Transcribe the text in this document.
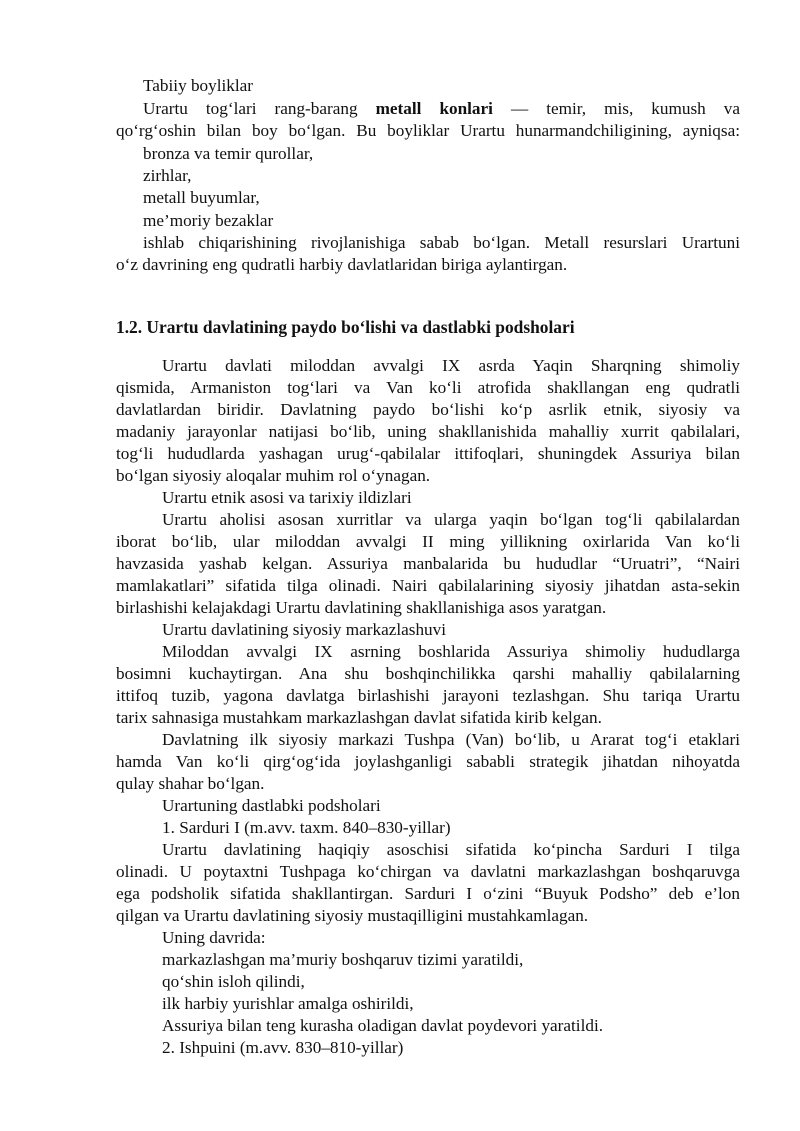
Tabiiy boyliklar
Urartu tog‘lari rang-barang metall konlari — temir, mis, kumush va
qo‘rg‘oshin bilan boy bo‘lgan. Bu boyliklar Urartu hunarmandchiligining, ayniqsa:
bronza va temir qurollar,
zirhlar,
metall buyumlar,
me’moriy bezaklar
ishlab chiqarishining rivojlanishiga sabab bo‘lgan. Metall resurslari Urartuni
o‘z davrining eng qudratli harbiy davlatlaridan biriga aylantirgan.
1.2. Urartu davlatining paydo bo‘lishi va dastlabki podsholari
Urartu davlati miloddan avvalgi IX asrda Yaqin Sharqning shimoliy
qismida, Armaniston tog‘lari va Van ko‘li atrofida shakllangan eng qudratli
davlatlardan biridir. Davlatning paydo bo‘lishi ko‘p asrlik etnik, siyosiy va
madaniy jarayonlar natijasi bo‘lib, uning shakllanishida mahalliy xurrit qabilalari,
tog‘li hududlarda yashagan urug‘-qabilalar ittifoqlari, shuningdek Assuriya bilan
bo‘lgan siyosiy aloqalar muhim rol o‘ynagan.
Urartu etnik asosi va tarixiy ildizlari
Urartu aholisi asosan xurritlar va ularga yaqin bo‘lgan tog‘li qabilalardan
iborat bo‘lib, ular miloddan avvalgi II ming yillikning oxirlarida Van ko‘li
havzasida yashab kelgan. Assuriya manbalarida bu hududlar “Uruatri”, “Nairi
mamlakatlari” sifatida tilga olinadi. Nairi qabilalarining siyosiy jihatdan asta-sekin
birlashishi kelajakdagi Urartu davlatining shakllanishiga asos yaratgan.
Urartu davlatining siyosiy markazlashuvi
Miloddan avvalgi IX asrning boshlarida Assuriya shimoliy hududlarga
bosimni kuchaytirgan. Ana shu boshqinchilikka qarshi mahalliy qabilalarning
ittifoq tuzib, yagona davlatga birlashishi jarayoni tezlashgan. Shu tariqa Urartu
tarix sahnasiga mustahkam markazlashgan davlat sifatida kirib kelgan.
Davlatning ilk siyosiy markazi Tushpa (Van) bo‘lib, u Ararat tog‘i etaklari
hamda Van ko‘li qirg‘og‘ida joylashganligi sababli strategik jihatdan nihoyatda
qulay shahar bo‘lgan.
Urartuning dastlabki podsholari
1. Sarduri I (m.avv. taxm. 840–830-yillar)
Urartu davlatining haqiqiy asoschisi sifatida ko‘pincha Sarduri I tilga
olinadi. U poytaxtni Tushpaga ko‘chirgan va davlatni markazlashgan boshqaruvga
ega podsholik sifatida shakllantirgan. Sarduri I o‘zini “Buyuk Podsho” deb e’lon
qilgan va Urartu davlatining siyosiy mustaqilligini mustahkamlagan.
Uning davrida:
markazlashgan ma’muriy boshqaruv tizimi yaratildi,
qo‘shin isloh qilindi,
ilk harbiy yurishlar amalga oshirildi,
Assuriya bilan teng kurasha oladigan davlat poydevori yaratildi.
2. Ishpuini (m.avv. 830–810-yillar)
